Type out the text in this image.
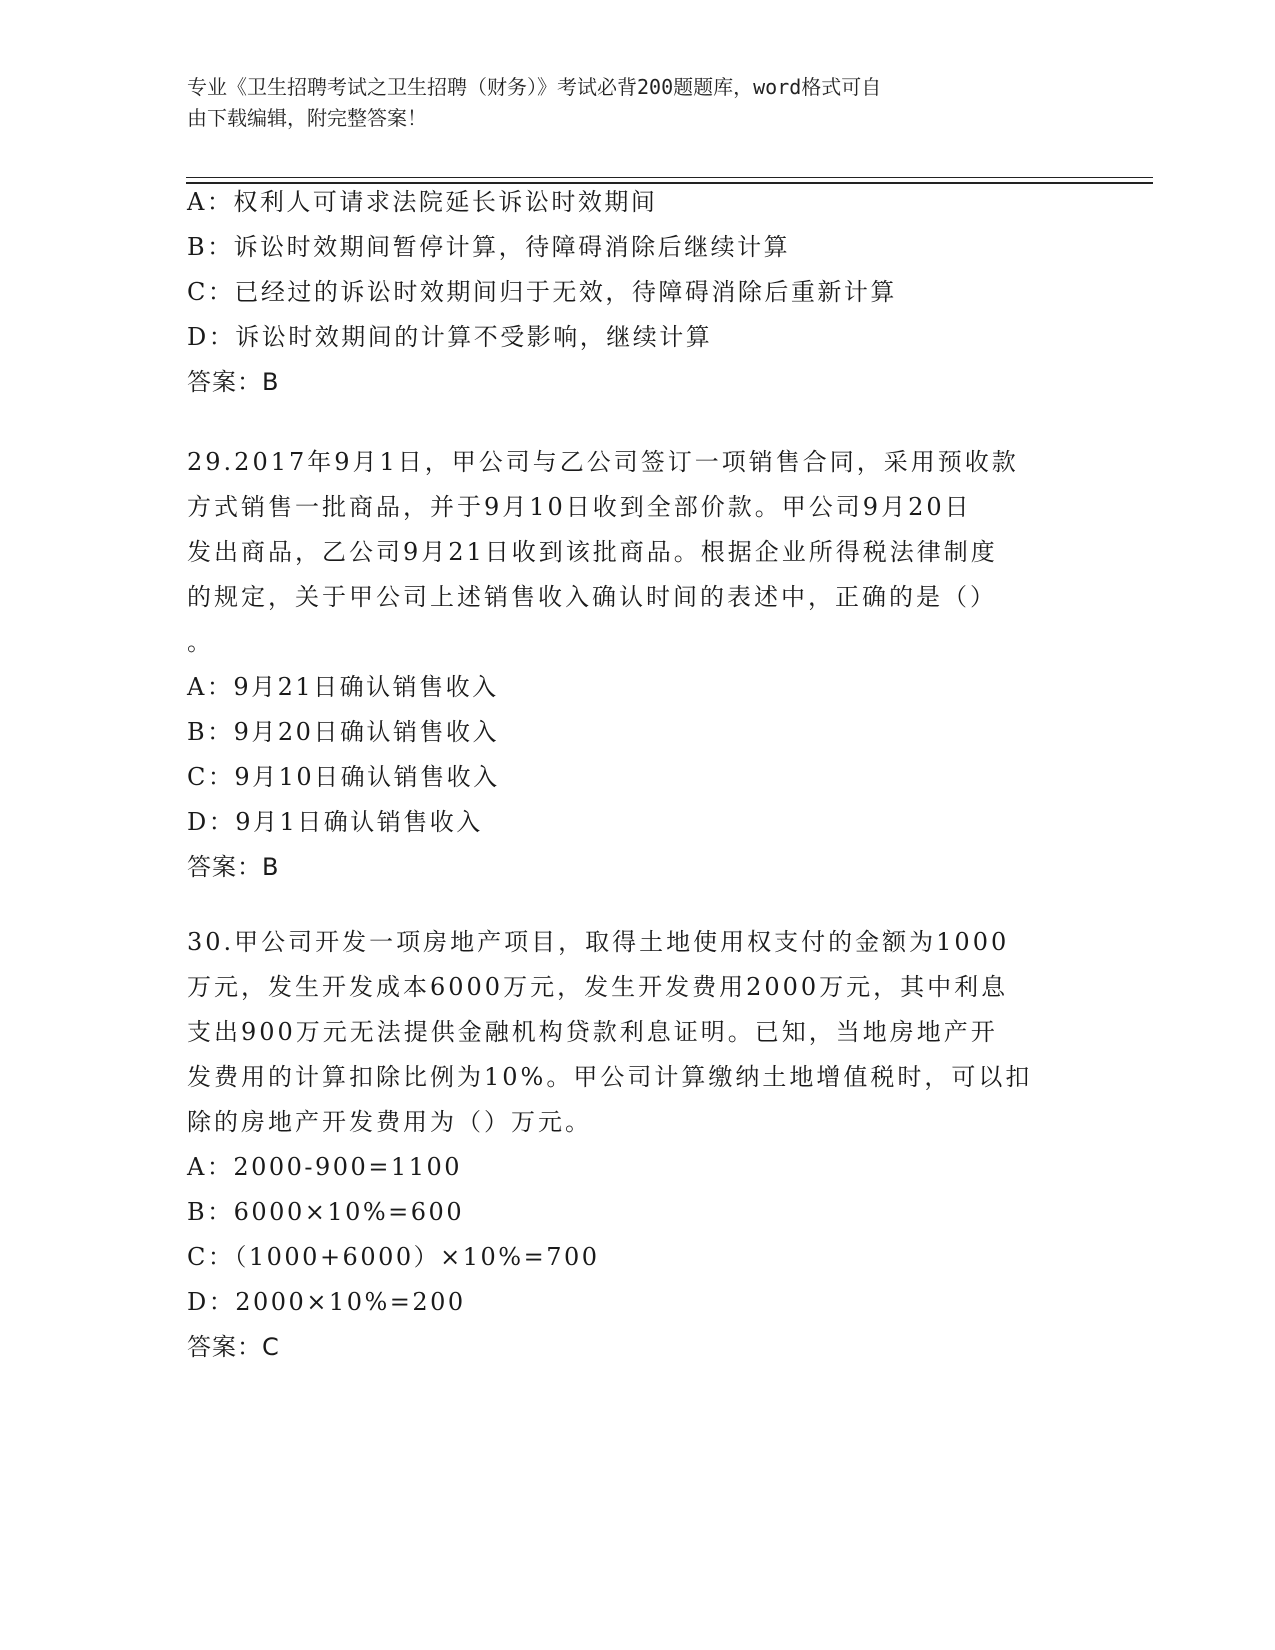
专业《卫生招聘考试之卫生招聘（财务）》考试必背200题题库，word格式可自
由下载编辑，附完整答案！
A：权利人可请求法院延长诉讼时效期间
B：诉讼时效期间暂停计算，待障碍消除后继续计算
C：已经过的诉讼时效期间归于无效，待障碍消除后重新计算
D：诉讼时效期间的计算不受影响，继续计算
答案：B
29.2017年9月1日，甲公司与乙公司签订一项销售合同，采用预收款
方式销售一批商品，并于9月10日收到全部价款。甲公司9月20日
发出商品，乙公司9月21日收到该批商品。根据企业所得税法律制度
的规定，关于甲公司上述销售收入确认时间的表述中，正确的是（）
。
A：9月21日确认销售收入
B：9月20日确认销售收入
C：9月10日确认销售收入
D：9月1日确认销售收入
答案：B
30.甲公司开发一项房地产项目，取得土地使用权支付的金额为1000
万元，发生开发成本6000万元，发生开发费用2000万元，其中利息
支出900万元无法提供金融机构贷款利息证明。已知，当地房地产开
发费用的计算扣除比例为10%。甲公司计算缴纳土地增值税时，可以扣
除的房地产开发费用为（）万元。
A：2000-900=1100
B：6000×10%=600
C：（1000+6000）×10%=700
D：2000×10%=200
答案：C
